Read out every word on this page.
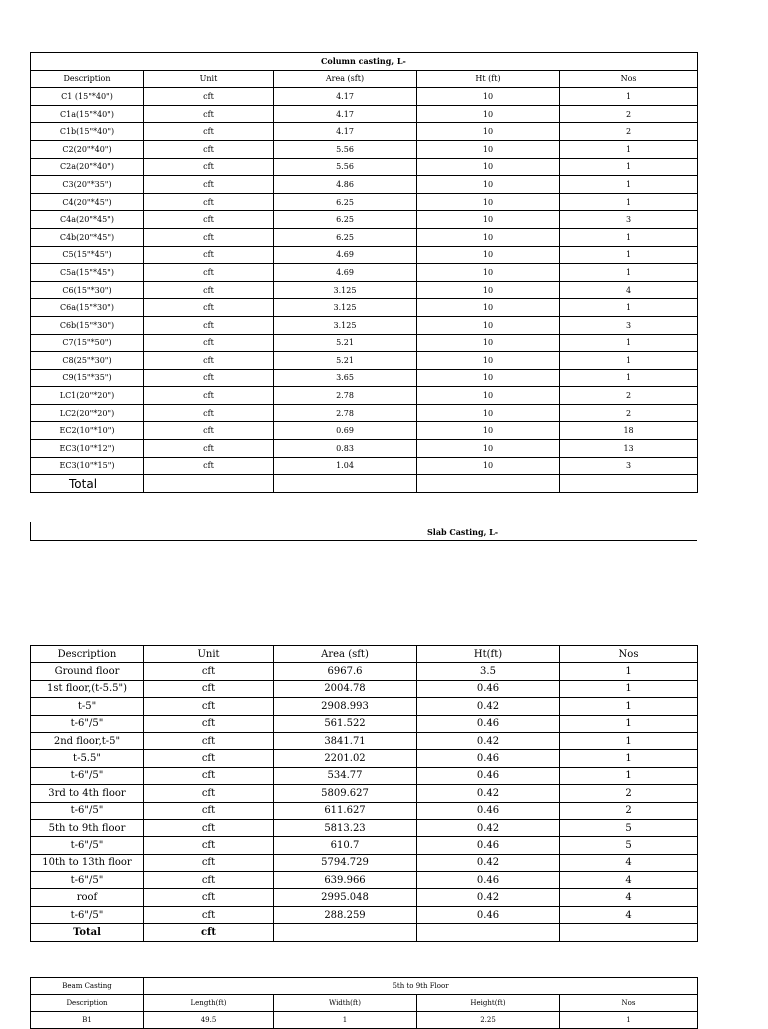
Column casting, L-				
Description	Unit	Area (sft)	Ht (ft)	Nos
C1 (15"*40")	cft	4.17	10	1
C1a(15"*40")	cft	4.17	10	2
C1b(15"*40")	cft	4.17	10	2
C2(20"*40")	cft	5.56	10	1
C2a(20"*40")	cft	5.56	10	1
C3(20"*35")	cft	4.86	10	1
C4(20"*45")	cft	6.25	10	1
C4a(20"*45")	cft	6.25	10	3
C4b(20"*45")	cft	6.25	10	1
C5(15"*45")	cft	4.69	10	1
C5a(15"*45")	cft	4.69	10	1
C6(15"*30")	cft	3.125	10	4
C6a(15"*30")	cft	3.125	10	1
C6b(15"*30")	cft	3.125	10	3
C7(15"*50")	cft	5.21	10	1
C8(25"*30")	cft	5.21	10	1
C9(15"*35")	cft	3.65	10	1
LC1(20"*20")	cft	2.78	10	2
LC2(20"*20")	cft	2.78	10	2
EC2(10"*10")	cft	0.69	10	18
EC3(10"*12")	cft	0.83	10	13
EC3(10"*15")	cft	1.04	10	3
Total				
Slab Casting, L-
Description	Unit	Area (sft)	Ht(ft)	Nos
Ground floor	cft	6967.6	3.5	1
1st floor,(t-5.5")	cft	2004.78	0.46	1
t-5"	cft	2908.993	0.42	1
t-6"/5"	cft	561.522	0.46	1
2nd floor,t-5"	cft	3841.71	0.42	1
t-5.5"	cft	2201.02	0.46	1
t-6"/5"	cft	534.77	0.46	1
3rd to 4th floor	cft	5809.627	0.42	2
t-6"/5"	cft	611.627	0.46	2
5th to 9th floor	cft	5813.23	0.42	5
t-6"/5"	cft	610.7	0.46	5
10th to 13th floor	cft	5794.729	0.42	4
t-6"/5"	cft	639.966	0.46	4
roof	cft	2995.048	0.42	4
t-6"/5"	cft	288.259	0.46	4
Total	cft			
Beam Casting	5th to 9th Floor			
Description	Length(ft)	Width(ft)	Height(ft)	Nos
B1	49.5	1	2.25	1
